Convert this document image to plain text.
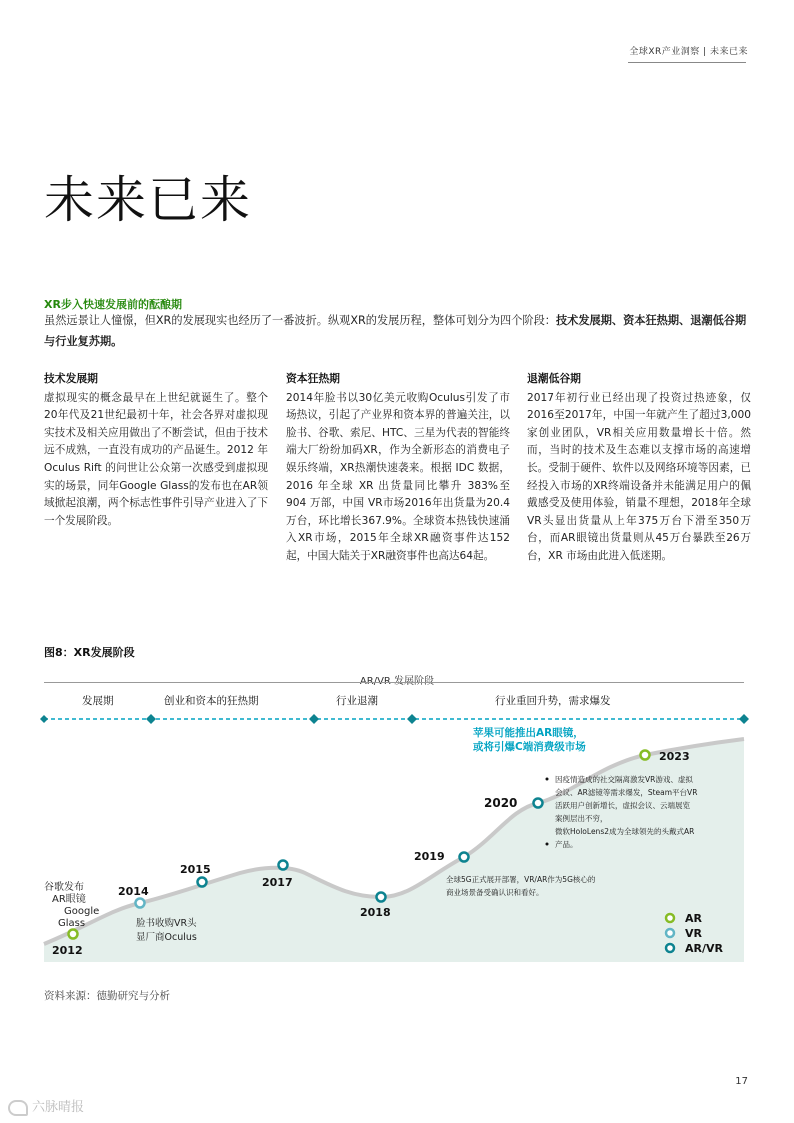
全球XR产业洞察 | 未来已来
未来已来
XR步入快速发展前的酝酿期
虽然远景让人憧憬，但XR的发展现实也经历了一番波折。纵观XR的发展历程，整体可划分为四个阶段：技术发展期、资本狂热期、退潮低谷期与行业复苏期。
技术发展期

虚拟现实的概念最早在上世纪就诞生了。整个20年代及21世纪最初十年，社会各界对虚拟现实技术及相关应用做出了不断尝试，但由于技术远不成熟，一直没有成功的产品诞生。2012 年 Oculus Rift 的问世让公众第一次感受到虚拟现实的场景，同年Google Glass的发布也在AR领域掀起浪潮，两个标志性事件引导产业进入了下一个发展阶段。

资本狂热期

2014年脸书以30亿美元收购Oculus引发了市场热议，引起了产业界和资本界的普遍关注，以脸书、谷歌、索尼、HTC、三星为代表的智能终端大厂纷纷加码XR，作为全新形态的消费电子娱乐终端，XR热潮快速袭来。根据 IDC 数据，2016 年全球 XR 出货量同比攀升 383%至 904 万部，中国 VR市场2016年出货量为20.4万台，环比增长367.9%。全球资本热钱快速涌入XR市场，2015年全球XR融资事件达152起，中国大陆关于XR融资事件也高达64起。

退潮低谷期

2017年初行业已经出现了投资过热迹象，仅2016至2017年，中国一年就产生了超过3,000家创业团队，VR相关应用数量增长十倍。然而，当时的技术及生态难以支撑市场的高速增长。受制于硬件、软件以及网络环境等因素，已经投入市场的XR终端设备并未能满足用户的佩戴感受及使用体验，销量不理想，2018年全球VR头显出货量从上年375万台下滑至350万台，而AR眼镜出货量则从45万台暴跌至26万台，XR 市场由此进入低迷期。

图8：XR发展阶段
发展期	创业和资本的狂热期	行业退潮	行业重回升势，需求爆发
2012
2014
2015
2017
2018
2019
2020
2023
谷歌发布
AR眼镜
Google
Glass	脸书收购VR头
显厂商Oculus
全球5G正式展开部署，VR/AR作为5G核心的
商业场景备受确认识和看好。
因疫情造成的社交隔离激发VR游戏、虚拟
会议、AR滤镜等需求爆发，Steam平台VR
活跃用户创新增长，虚拟会议、云端展览
案例层出不穷，
微软HoloLens2成为全球领先的头戴式AR
产品。
苹果可能推出AR眼镜，
或将引爆C端消费级市场
AR
VR
AR/VR
资料来源：德勤研究与分析
17
六脉晴报
